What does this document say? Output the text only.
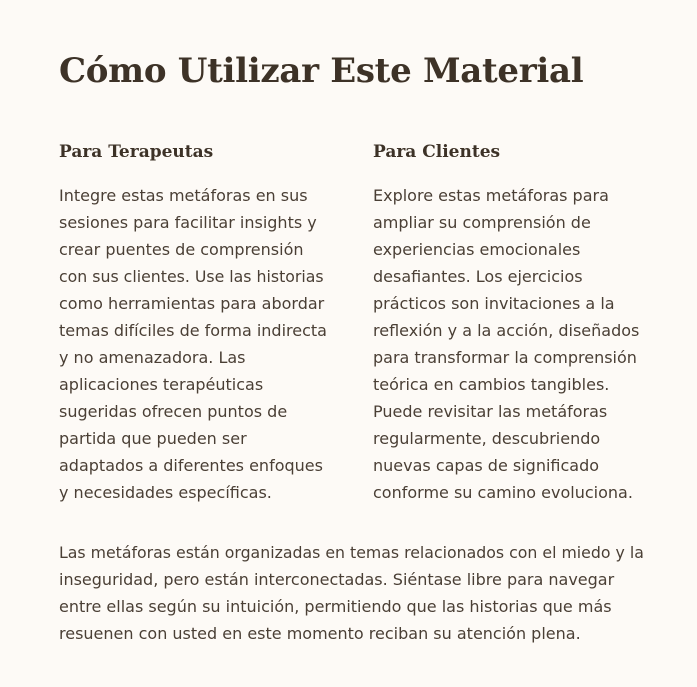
Cómo Utilizar Este Material
Para Terapeutas

Integre estas metáforas en sus
sesiones para facilitar insights y
crear puentes de comprensión
con sus clientes. Use las historias
como herramientas para abordar
temas difíciles de forma indirecta
y no amenazadora. Las
aplicaciones terapéuticas
sugeridas ofrecen puntos de
partida que pueden ser
adaptados a diferentes enfoques
y necesidades específicas.

Para Clientes

Explore estas metáforas para
ampliar su comprensión de
experiencias emocionales
desafiantes. Los ejercicios
prácticos son invitaciones a la
reflexión y a la acción, diseñados
para transformar la comprensión
teórica en cambios tangibles.
Puede revisitar las metáforas
regularmente, descubriendo
nuevas capas de significado
conforme su camino evoluciona.

Las metáforas están organizadas en temas relacionados con el miedo y la
inseguridad, pero están interconectadas. Siéntase libre para navegar
entre ellas según su intuición, permitiendo que las historias que más
resuenen con usted en este momento reciban su atención plena.
